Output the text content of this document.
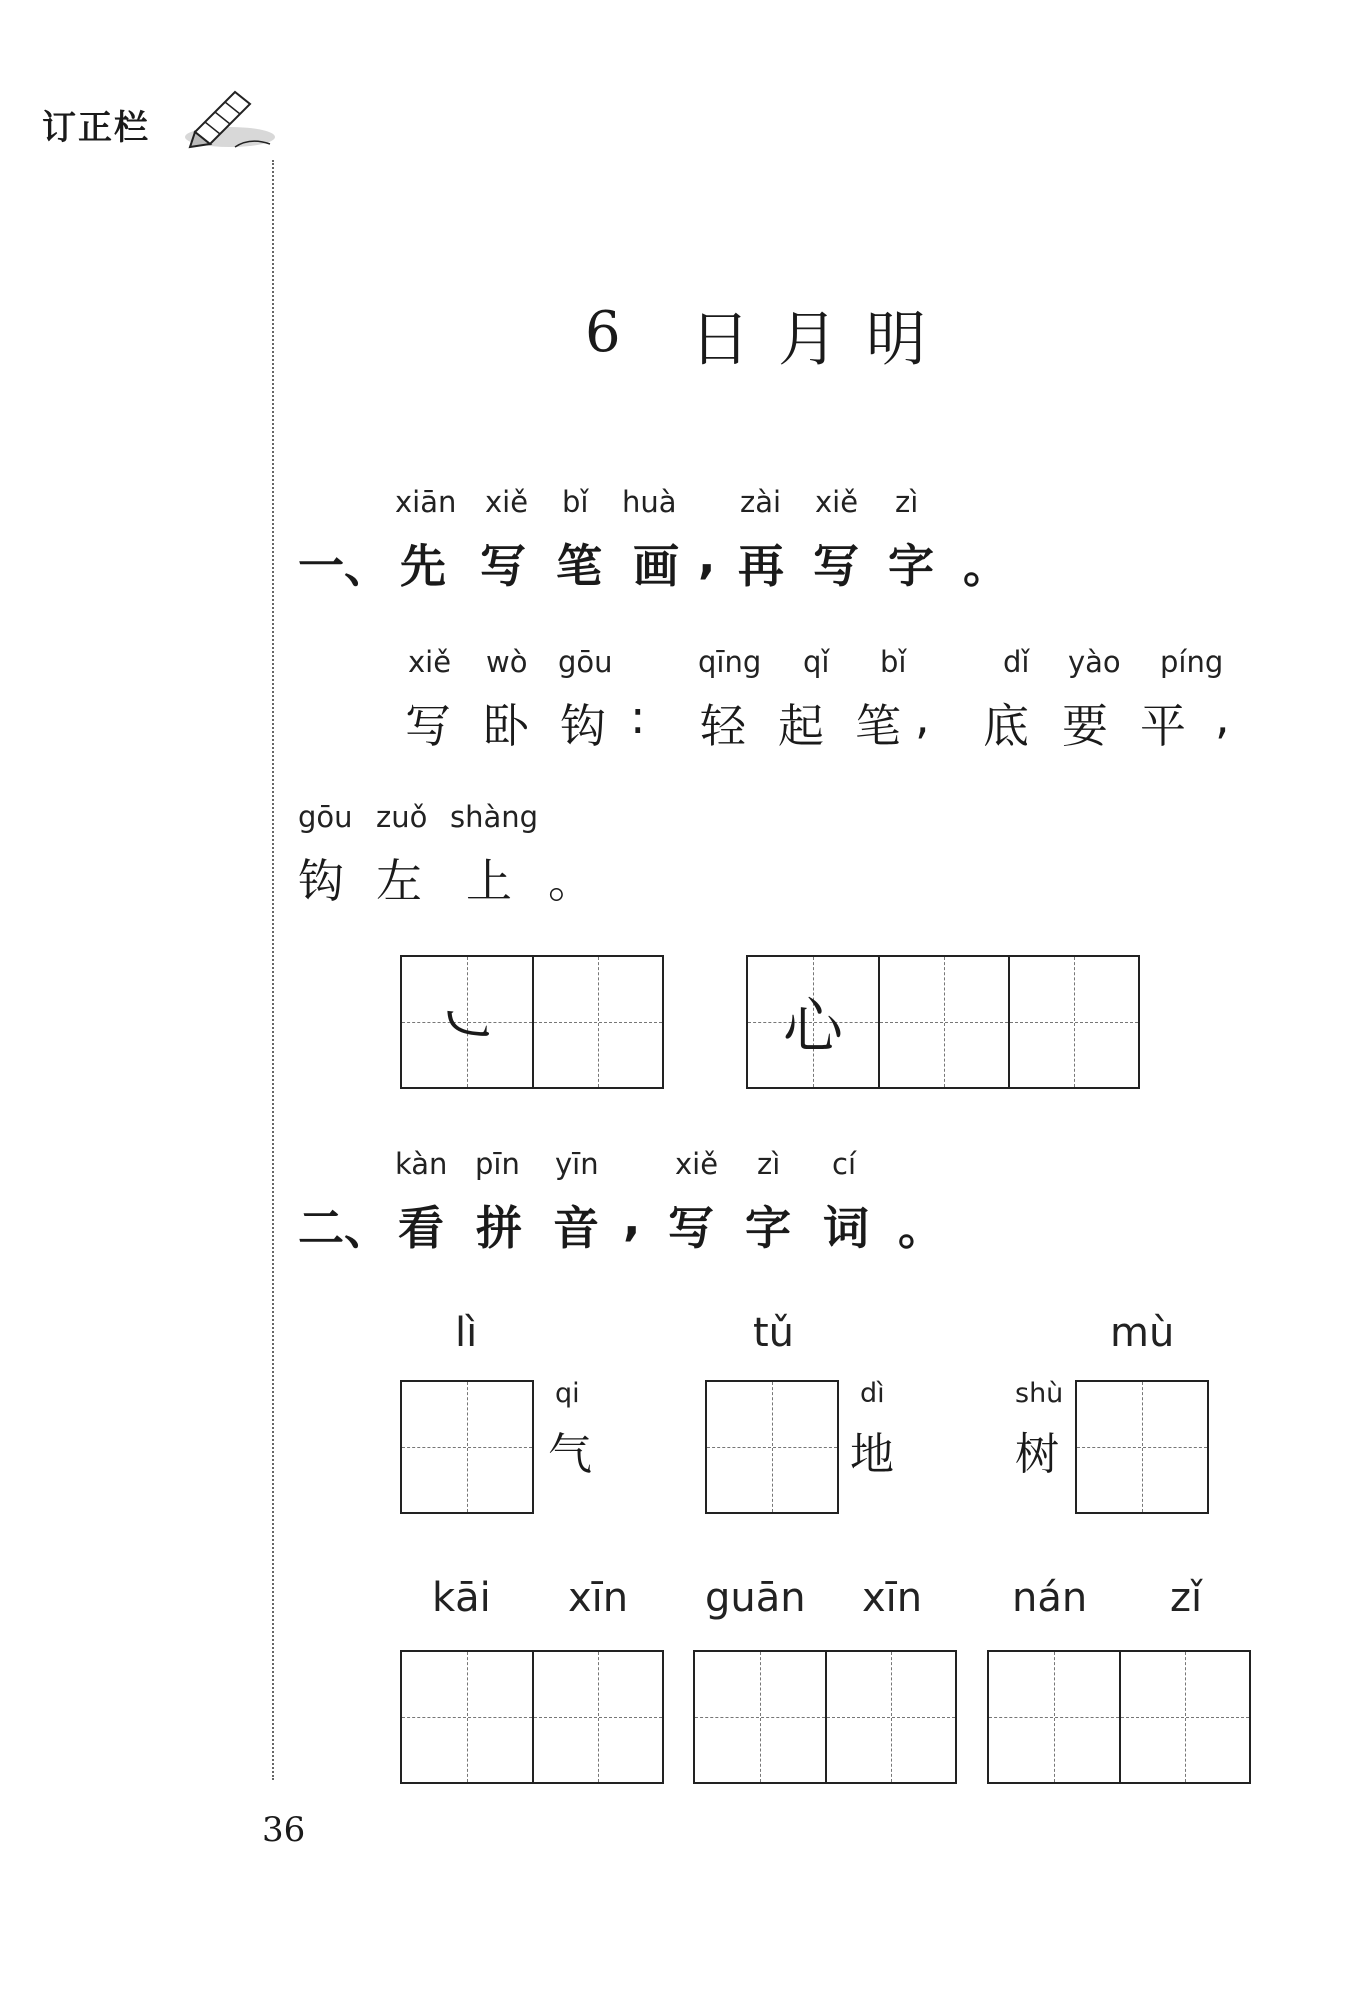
订正栏
6 日月明
xiān xiě bǐ huà zài xiě zì
一、 先 写 笔 画 , 再 写 字 。
xiě wò gōu	qīng qǐ bǐ	dǐ yào píng
写 卧 钩 : 轻 起 笔 , 底 要 平 ,
gōu zuǒ shàng
钩 左 上 。
㇃	心
kàn pīn yīn	xiě zì cí
二、 看 拼 音 , 写 字 词 。
lì
qi
气
tǔ
dì
地
mù
shù
树
kāi xīn guān xīn nán zǐ
36
